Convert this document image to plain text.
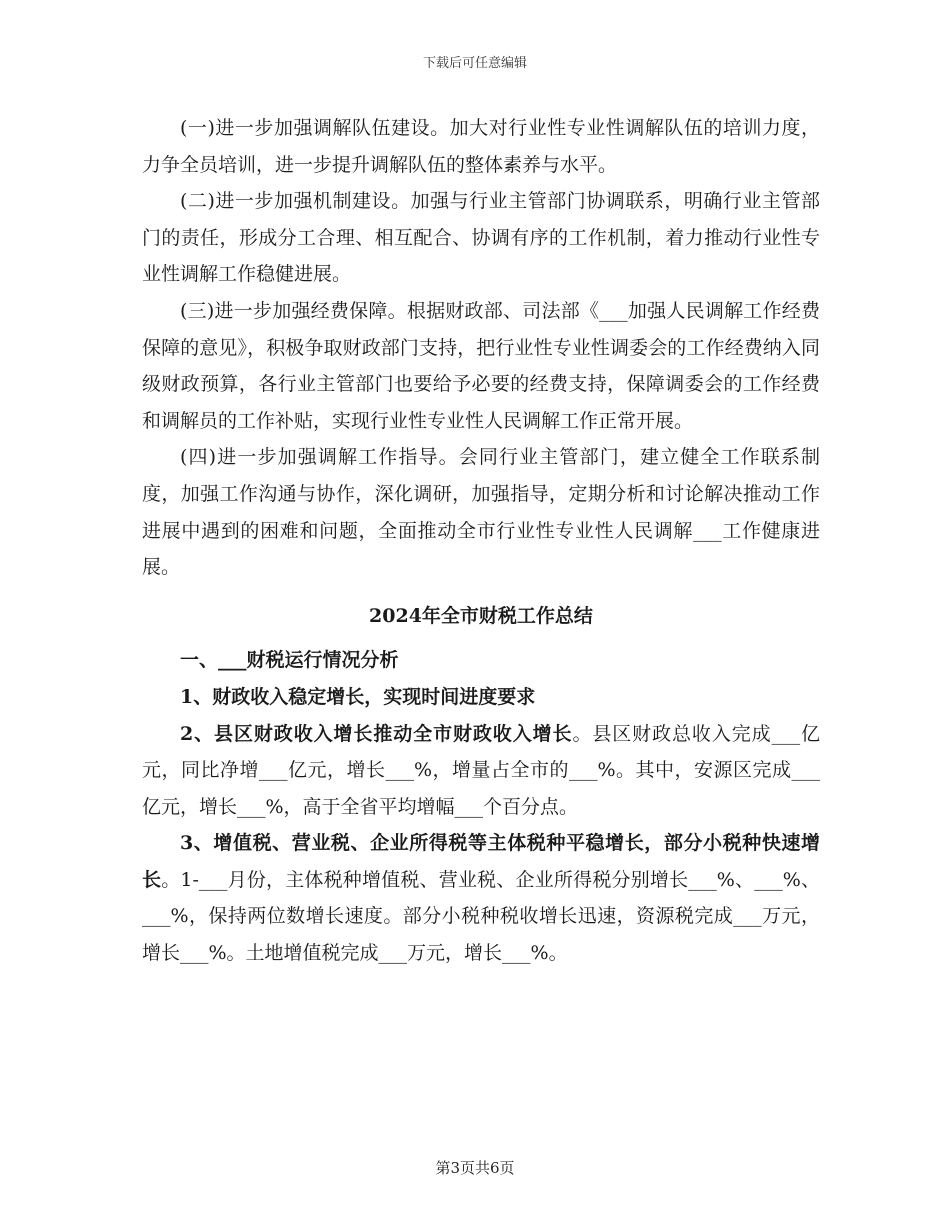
下载后可任意编辑

(一)进一步加强调解队伍建设。加大对行业性专业性调解队伍的培训力度，力争全员培训，进一步提升调解队伍的整体素养与水平。

(二)进一步加强机制建设。加强与行业主管部门协调联系，明确行业主管部门的责任，形成分工合理、相互配合、协调有序的工作机制，着力推动行业性专业性调解工作稳健进展。

(三)进一步加强经费保障。根据财政部、司法部《___加强人民调解工作经费保障的意见》，积极争取财政部门支持，把行业性专业性调委会的工作经费纳入同级财政预算，各行业主管部门也要给予必要的经费支持，保障调委会的工作经费和调解员的工作补贴，实现行业性专业性人民调解工作正常开展。

(四)进一步加强调解工作指导。会同行业主管部门，建立健全工作联系制度，加强工作沟通与协作，深化调研，加强指导，定期分析和讨论解决推动工作进展中遇到的困难和问题，全面推动全市行业性专业性人民调解___工作健康进展。

2024年全市财税工作总结

一、___财税运行情况分析

1、财政收入稳定增长，实现时间进度要求

2、县区财政收入增长推动全市财政收入增长。县区财政总收入完成___亿元，同比净增___亿元，增长___%，增量占全市的___%。其中，安源区完成___亿元，增长___%，高于全省平均增幅___个百分点。

3、增值税、营业税、企业所得税等主体税种平稳增长，部分小税种快速增长。1-___月份，主体税种增值税、营业税、企业所得税分别增长___%、___%、___%，保持两位数增长速度。部分小税种税收增长迅速，资源税完成___万元，增长___%。土地增值税完成___万元，增长___%。

第3页共6页
